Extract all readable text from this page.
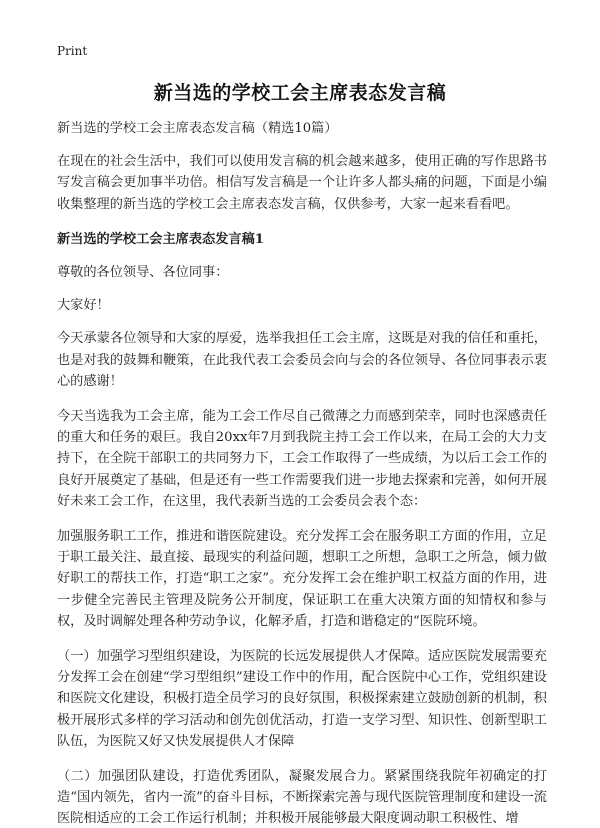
Print
新当选的学校工会主席表态发言稿

新当选的学校工会主席表态发言稿（精选10篇）

在现在的社会生活中，我们可以使用发言稿的机会越来越多，使用正确的写作思路书写发言稿会更加事半功倍。相信写发言稿是一个让许多人都头痛的问题，下面是小编收集整理的新当选的学校工会主席表态发言稿，仅供参考，大家一起来看看吧。

新当选的学校工会主席表态发言稿1

尊敬的各位领导、各位同事：

大家好！

今天承蒙各位领导和大家的厚爱，选举我担任工会主席，这既是对我的信任和重托，也是对我的鼓舞和鞭策，在此我代表工会委员会向与会的各位领导、各位同事表示衷心的感谢！

今天当选我为工会主席，能为工会工作尽自己微薄之力而感到荣幸，同时也深感责任的重大和任务的艰巨。我自20xx年7月到我院主持工会工作以来，在局工会的大力支持下，在全院干部职工的共同努力下，工会工作取得了一些成绩，为以后工会工作的良好开展奠定了基础，但是还有一些工作需要我们进一步地去探索和完善，如何开展好未来工会工作，在这里，我代表新当选的工会委员会表个态：

加强服务职工工作，推进和谐医院建设。充分发挥工会在服务职工方面的作用，立足于职工最关注、最直接、最现实的利益问题，想职工之所想，急职工之所急，倾力做好职工的帮扶工作，打造“职工之家”。充分发挥工会在维护职工权益方面的作用，进一步健全完善民主管理及院务公开制度，保证职工在重大决策方面的知情权和参与权，及时调解处理各种劳动争议，化解矛盾，打造和谐稳定的“医院环境。

（一）加强学习型组织建设，为医院的长远发展提供人才保障。适应医院发展需要充分发挥工会在创建“学习型组织”建设工作中的作用，配合医院中心工作，党组织建设和医院文化建设，积极打造全员学习的良好氛围，积极探索建立鼓励创新的机制，积极开展形式多样的学习活动和创先创优活动，打造一支学习型、知识性、创新型职工队伍，为医院又好又快发展提供人才保障

（二）加强团队建设，打造优秀团队，凝聚发展合力。紧紧围绕我院年初确定的打造“国内领先，省内一流”的奋斗目标，不断探索完善与现代医院管理制度和建设一流医院相适应的工会工作运行机制；并积极开展能够最大限度调动职工积极性、增
